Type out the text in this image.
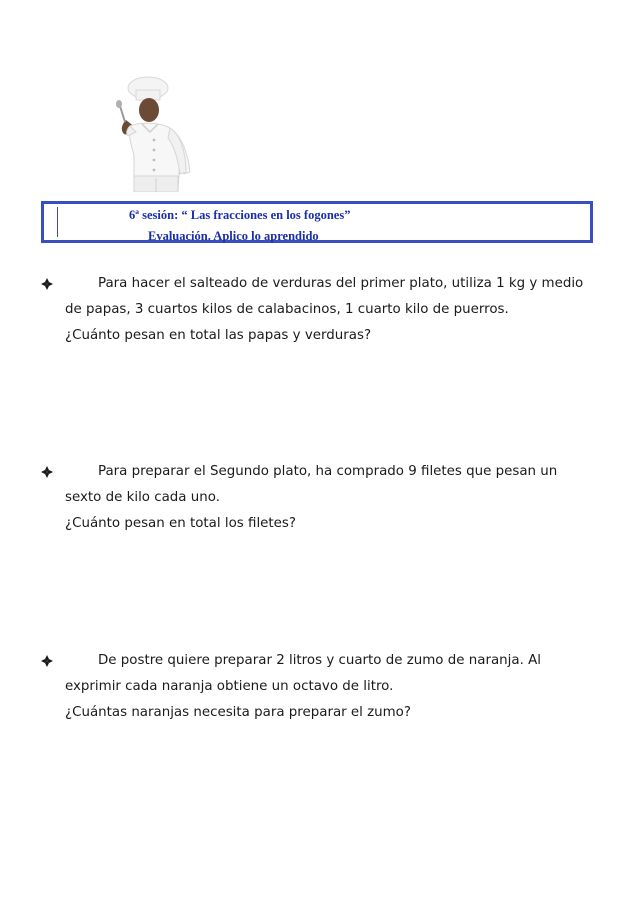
6ª sesión: “ Las fracciones en los fogones”
Evaluación. Aplico lo aprendido
Para hacer el salteado de verduras del primer plato, utiliza 1 kg y medio
de papas, 3 cuartos kilos de calabacinos, 1 cuarto kilo de puerros.
¿Cuánto pesan en total las papas y verduras?
Para preparar el Segundo plato, ha comprado 9 filetes que pesan un
sexto de kilo cada uno.
¿Cuánto pesan en total los filetes?
De postre quiere preparar 2 litros y cuarto de zumo de naranja. Al
exprimir cada naranja obtiene un octavo de litro.
¿Cuántas naranjas necesita para preparar el zumo?
